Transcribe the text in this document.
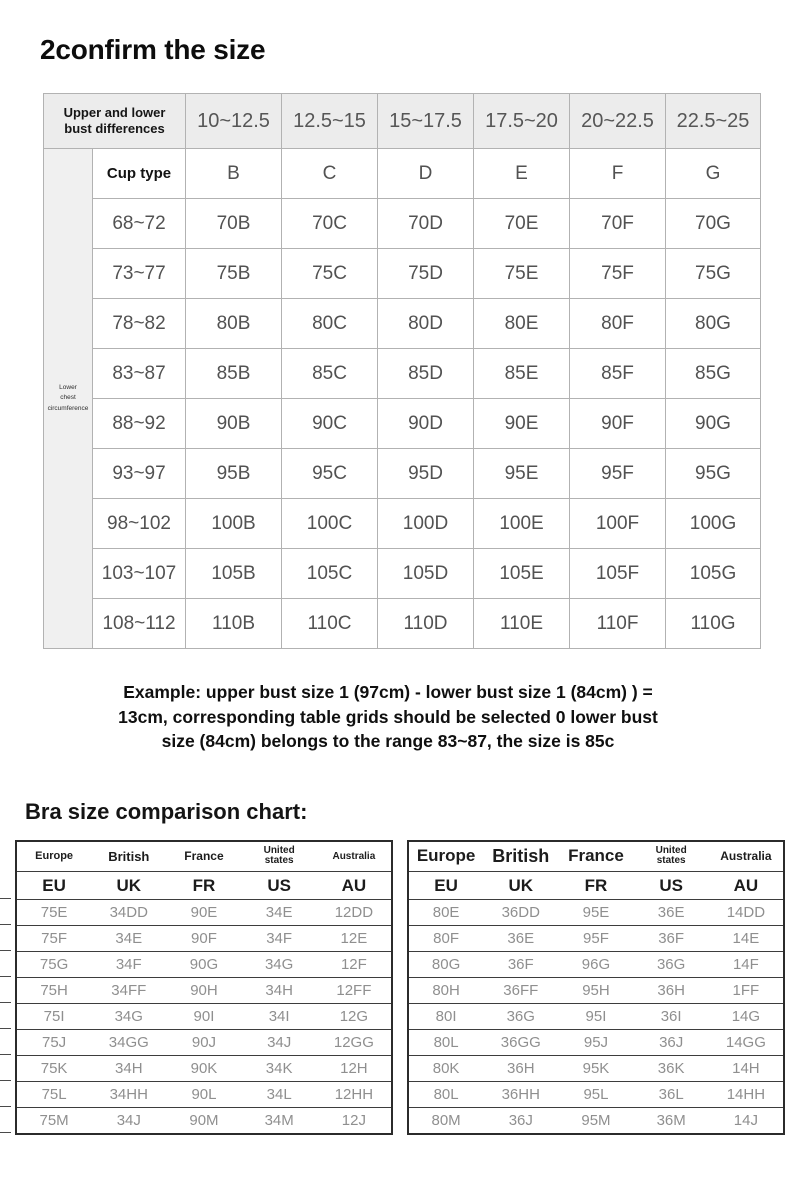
2confirm the size
Upper and lower
bust differences		10~12.5	12.5~15	15~17.5	17.5~20	20~22.5	22.5~25

Lower
chest
circumference	Cup type	B	C	D	E	F	G
	68~72	70B	70C	70D	70E	70F	70G
	73~77	75B	75C	75D	75E	75F	75G
	78~82	80B	80C	80D	80E	80F	80G
	83~87	85B	85C	85D	85E	85F	85G
	88~92	90B	90C	90D	90E	90F	90G
	93~97	95B	95C	95D	95E	95F	95G
	98~102	100B	100C	100D	100E	100F	100G
	103~107	105B	105C	105D	105E	105F	105G
	108~112	110B	110C	110D	110E	110F	110G
Example: upper bust size 1 (97cm) - lower bust size 1 (84cm) ) =
13cm, corresponding table grids should be selected 0 lower bust
size (84cm) belongs to the range 83~87, the size is 85c
Bra size comparison chart:
Europe	British	France	United states	Australia
EU	UK	FR	US	AU
75E	34DD	90E	34E	12DD
75F	34E	90F	34F	12E
75G	34F	90G	34G	12F
75H	34FF	90H	34H	12FF
75I	34G	90I	34I	12G
75J	34GG	90J	34J	12GG
75K	34H	90K	34K	12H
75L	34HH	90L	34L	12HH
75M	34J	90M	34M	12J
Europe	British	France	United states	Australia
EU	UK	FR	US	AU
80E	36DD	95E	36E	14DD
80F	36E	95F	36F	14E
80G	36F	96G	36G	14F
80H	36FF	95H	36H	1FF
80I	36G	95I	36I	14G
80L	36GG	95J	36J	14GG
80K	36H	95K	36K	14H
80L	36HH	95L	36L	14HH
80M	36J	95M	36M	14J
